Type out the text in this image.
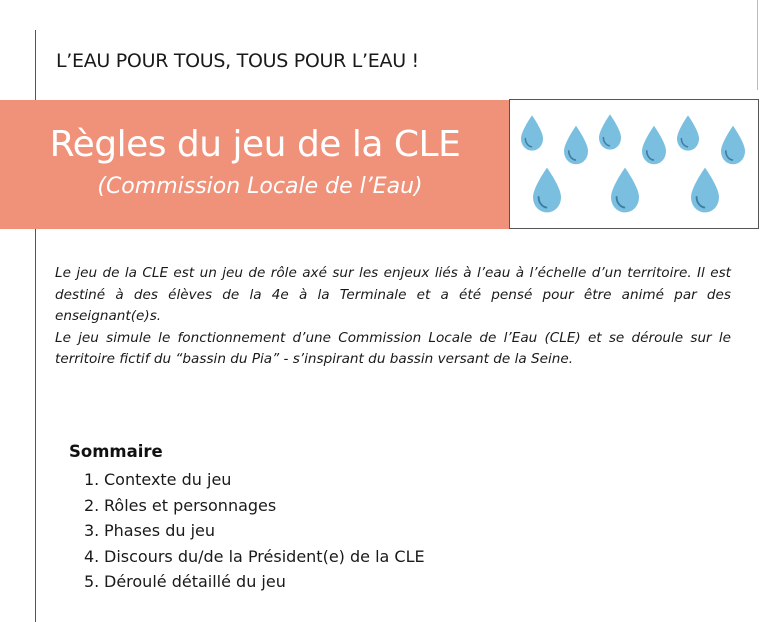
L’EAU POUR TOUS, TOUS POUR L’EAU !
Règles du jeu de la CLE
(Commission Locale de l’Eau)

Le jeu de la CLE est un jeu de rôle axé sur les enjeux liés à l’eau à l’échelle d’un territoire. Il est destiné à des élèves de la 4e à la Terminale et a été pensé pour être animé par des enseignant(e)s.

Le jeu simule le fonctionnement d’une Commission Locale de l’Eau (CLE) et se déroule sur le territoire fictif du “bassin du Pia” - s’inspirant du bassin versant de la Seine.

Sommaire
1. Contexte du jeu
2. Rôles et personnages
3. Phases du jeu
4. Discours du/de la Président(e) de la CLE
5. Déroulé détaillé du jeu
